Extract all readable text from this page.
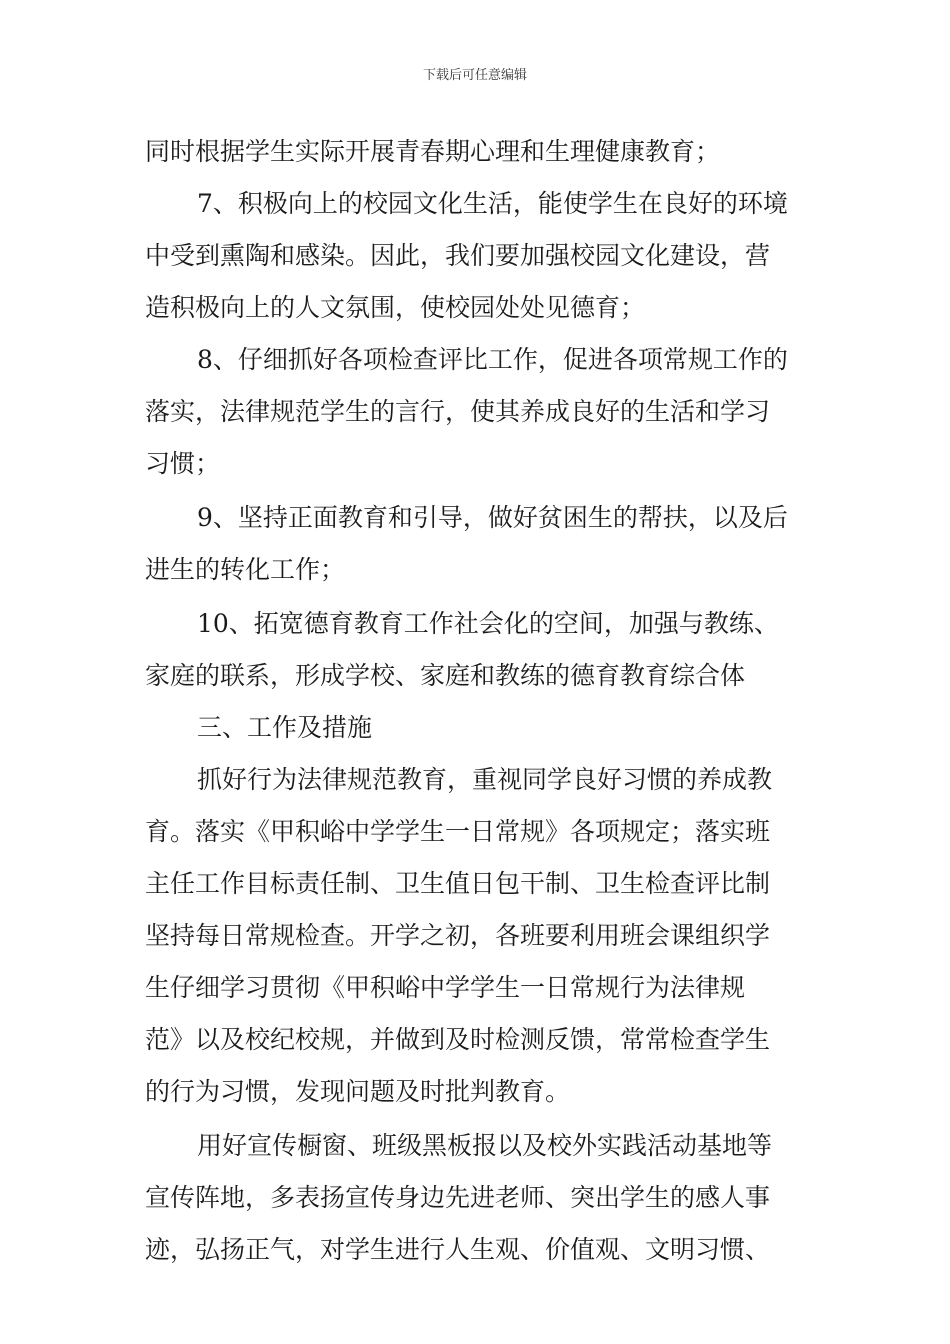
下载后可任意编辑
同时根据学生实际开展青春期心理和生理健康教育；
7、积极向上的校园文化生活，能使学生在良好的环境
中受到熏陶和感染。因此，我们要加强校园文化建设，营
造积极向上的人文氛围，使校园处处见德育；
8、仔细抓好各项检查评比工作，促进各项常规工作的
落实，法律规范学生的言行，使其养成良好的生活和学习
习惯；
9、坚持正面教育和引导，做好贫困生的帮扶，以及后
进生的转化工作；
10、拓宽德育教育工作社会化的空间，加强与教练、
家庭的联系，形成学校、家庭和教练的德育教育综合体
三、工作及措施
抓好行为法律规范教育，重视同学良好习惯的养成教
育。落实《甲积峪中学学生一日常规》各项规定；落实班
主任工作目标责任制、卫生值日包干制、卫生检查评比制
坚持每日常规检查。开学之初，各班要利用班会课组织学
生仔细学习贯彻《甲积峪中学学生一日常规行为法律规
范》以及校纪校规，并做到及时检测反馈，常常检查学生
的行为习惯，发现问题及时批判教育。
用好宣传橱窗、班级黑板报以及校外实践活动基地等
宣传阵地，多表扬宣传身边先进老师、突出学生的感人事
迹，弘扬正气，对学生进行人生观、价值观、文明习惯、
